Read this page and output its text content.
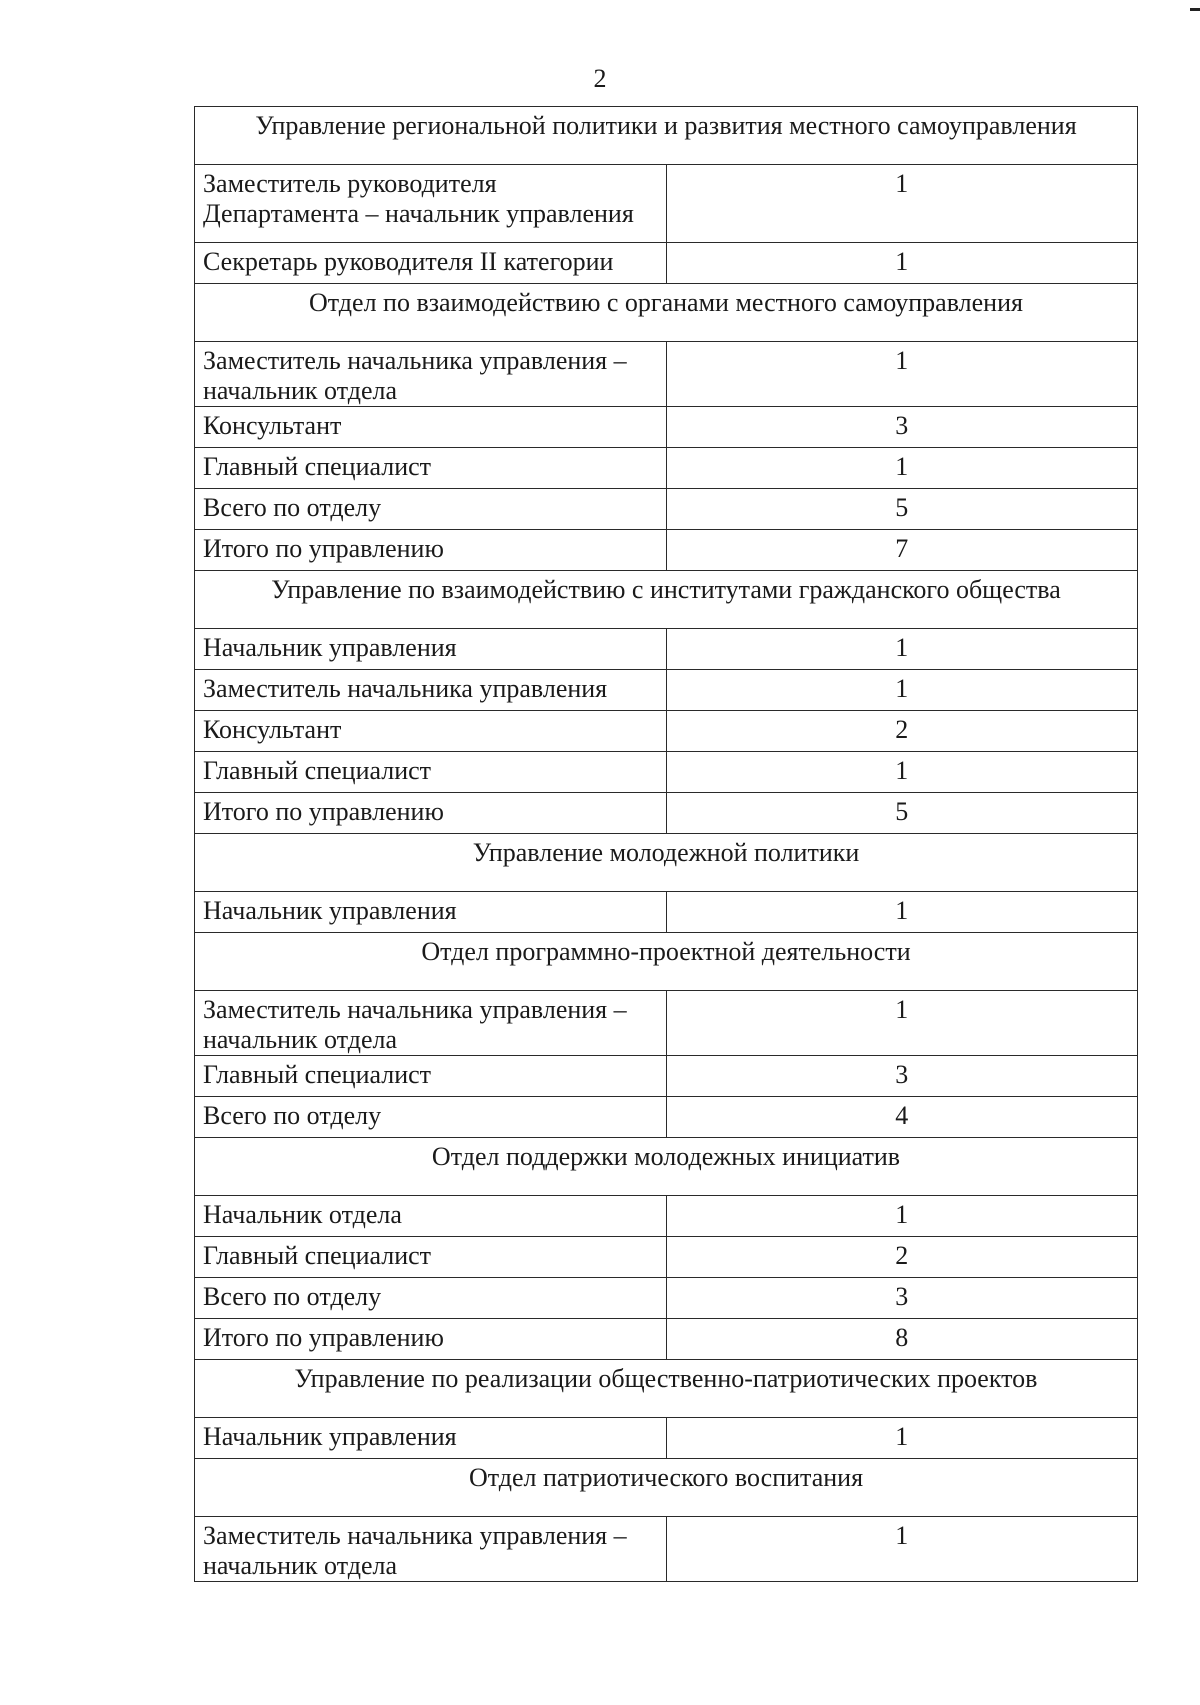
2
Управление региональной политики и развития местного самоуправления	
Заместитель руководителя Департамента – начальник управления	1
Секретарь руководителя II категории	1
Отдел по взаимодействию с органами местного самоуправления	
Заместитель начальника управления – начальник отдела	1
Консультант	3
Главный специалист	1
Всего по отделу	5
Итого по управлению	7
Управление по взаимодействию с институтами гражданского общества	
Начальник управления	1
Заместитель начальника управления	1
Консультант	2
Главный специалист	1
Итого по управлению	5
Управление молодежной политики	
Начальник управления	1
Отдел программно-проектной деятельности	
Заместитель начальника управления – начальник отдела	1
Главный специалист	3
Всего по отделу	4
Отдел поддержки молодежных инициатив	
Начальник отдела	1
Главный специалист	2
Всего по отделу	3
Итого по управлению	8
Управление по реализации общественно-патриотических проектов	
Начальник управления	1
Отдел патриотического воспитания	
Заместитель начальника управления – начальник отдела	1
